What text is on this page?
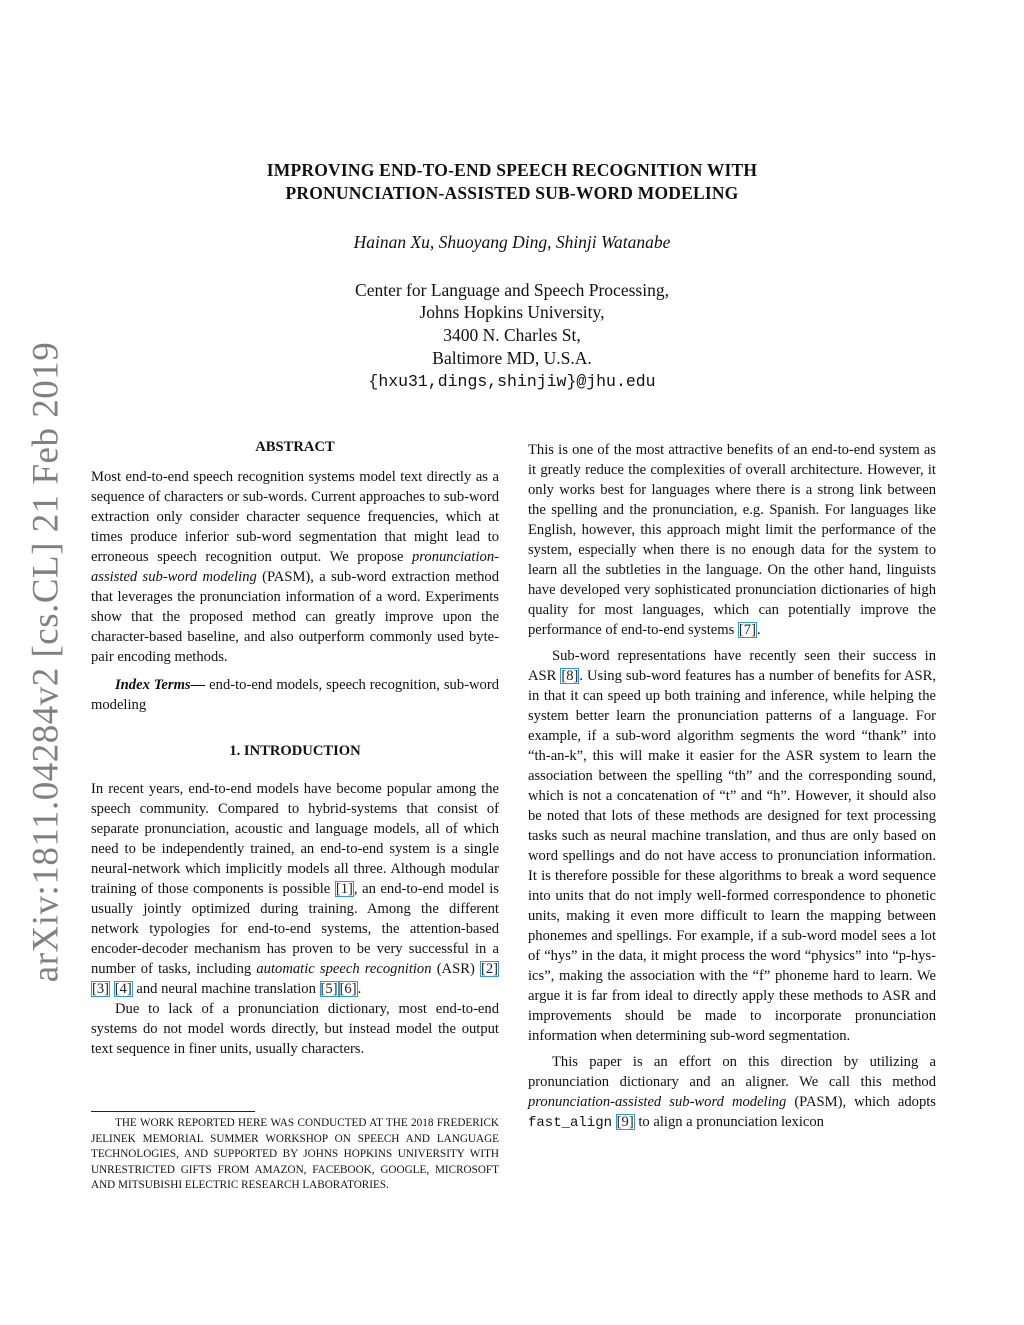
arXiv:1811.04284v2 [cs.CL] 21 Feb 2019
IMPROVING END-TO-END SPEECH RECOGNITION WITH
PRONUNCIATION-ASSISTED SUB-WORD MODELING
Hainan Xu, Shuoyang Ding, Shinji Watanabe
Center for Language and Speech Processing,
Johns Hopkins University,
3400 N. Charles St,
Baltimore MD, U.S.A.
{hxu31,dings,shinjiw}@jhu.edu
ABSTRACT

Most end-to-end speech recognition systems model text directly as a sequence of characters or sub-words. Current approaches to sub-word extraction only consider character sequence frequencies, which at times produce inferior sub-word segmentation that might lead to erroneous speech recognition output. We propose pronunciation-assisted sub-word modeling (PASM), a sub-word extraction method that leverages the pronunciation information of a word. Experiments show that the proposed method can greatly improve upon the character-based baseline, and also outperform commonly used byte-pair encoding methods.

Index Terms— end-to-end models, speech recognition, sub-word modeling

1. INTRODUCTION

In recent years, end-to-end models have become popular among the speech community. Compared to hybrid-systems that consist of separate pronunciation, acoustic and language models, all of which need to be independently trained, an end-to-end system is a single neural-network which implicitly models all three. Although modular training of those components is possible [1], an end-to-end model is usually jointly optimized during training. Among the different network typologies for end-to-end systems, the attention-based encoder-decoder mechanism has proven to be very successful in a number of tasks, including automatic speech recognition (ASR) [2] [3] [4] and neural machine translation [5] [6].

Due to lack of a pronunciation dictionary, most end-to-end systems do not model words directly, but instead model the output text sequence in finer units, usually characters.

THE WORK REPORTED HERE WAS CONDUCTED AT THE 2018 FREDERICK JELINEK MEMORIAL SUMMER WORKSHOP ON SPEECH AND LANGUAGE TECHNOLOGIES, AND SUPPORTED BY JOHNS HOPKINS UNIVERSITY WITH UNRESTRICTED GIFTS FROM AMAZON, FACEBOOK, GOOGLE, MICROSOFT AND MITSUBISHI ELECTRIC RESEARCH LABORATORIES.

This is one of the most attractive benefits of an end-to-end system as it greatly reduce the complexities of overall architecture. However, it only works best for languages where there is a strong link between the spelling and the pronunciation, e.g. Spanish. For languages like English, however, this approach might limit the performance of the system, especially when there is no enough data for the system to learn all the subtleties in the language. On the other hand, linguists have developed very sophisticated pronunciation dictionaries of high quality for most languages, which can potentially improve the performance of end-to-end systems [7].

Sub-word representations have recently seen their success in ASR [8]. Using sub-word features has a number of benefits for ASR, in that it can speed up both training and inference, while helping the system better learn the pronunciation patterns of a language. For example, if a sub-word algorithm segments the word “thank” into “th-an-k”, this will make it easier for the ASR system to learn the association between the spelling “th” and the corresponding sound, which is not a concatenation of “t” and “h”. However, it should also be noted that lots of these methods are designed for text processing tasks such as neural machine translation, and thus are only based on word spellings and do not have access to pronunciation information. It is therefore possible for these algorithms to break a word sequence into units that do not imply well-formed correspondence to phonetic units, making it even more difficult to learn the mapping between phonemes and spellings. For example, if a sub-word model sees a lot of “hys” in the data, it might process the word “physics” into “p-hys-ics”, making the association with the “f” phoneme hard to learn. We argue it is far from ideal to directly apply these methods to ASR and improvements should be made to incorporate pronunciation information when determining sub-word segmentation.

This paper is an effort on this direction by utilizing a pronunciation dictionary and an aligner. We call this method pronunciation-assisted sub-word modeling (PASM), which adopts fast_align [9] to align a pronunciation lexicon
